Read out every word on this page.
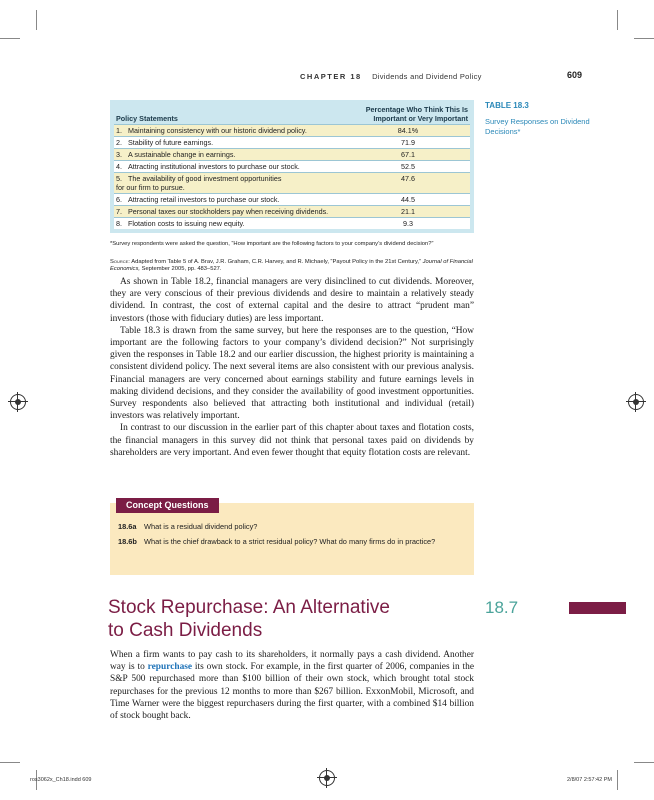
CHAPTER 18 Dividends and Dividend Policy	609
Policy Statements	Percentage Who Think This Is
Important or Very Important

1. Maintaining consistency with our historic dividend policy.	84.1%
2. Stability of future earnings.	71.9
3. A sustainable change in earnings.	67.1
4. Attracting institutional investors to purchase our stock.	52.5
5. The availability of good investment opportunities for our firm to pursue.	47.6
6. Attracting retail investors to purchase our stock.	44.5
7. Personal taxes our stockholders pay when receiving dividends.	21.1
8. Flotation costs to issuing new equity.	9.3
TABLE 18.3
Survey Responses on Dividend Decisions*
*Survey respondents were asked the question, “How important are the following factors to your company’s dividend decision?”
Source: Adapted from Table 5 of A. Brav, J.R. Graham, C.R. Harvey, and R. Michaely, “Payout Policy in the 21st Century,” Journal of Financial Economics, September 2005, pp. 483–527.

As shown in Table 18.2, financial managers are very disinclined to cut dividends. Moreover, they are very conscious of their previous dividends and desire to maintain a relatively steady dividend. In contrast, the cost of external capital and the desire to attract “prudent man” investors (those with fiduciary duties) are less important.

Table 18.3 is drawn from the same survey, but here the responses are to the question, “How important are the following factors to your company’s dividend decision?” Not surprisingly given the responses in Table 18.2 and our earlier discussion, the highest priority is maintaining a consistent dividend policy. The next several items are also consistent with our previous analysis. Financial managers are very concerned about earnings stability and future earnings levels in making dividend decisions, and they consider the availability of good investment opportunities. Survey respondents also believed that attracting both institutional and individual (retail) investors was relatively important.

In contrast to our discussion in the earlier part of this chapter about taxes and flotation costs, the financial managers in this survey did not think that personal taxes paid on dividends by shareholders are very important. And even fewer thought that equity flotation costs are relevant.

Concept Questions
18.6a What is a residual dividend policy?
18.6b What is the chief drawback to a strict residual policy? What do many firms do in practice?
Stock Repurchase: An Alternative
to Cash Dividends
18.7

When a firm wants to pay cash to its shareholders, it normally pays a cash dividend. Another way is to repurchase its own stock. For example, in the first quarter of 2006, companies in the S&P 500 repurchased more than $100 billion of their own stock, which brought total stock repurchases for the previous 12 months to more than $267 billion. ExxonMobil, Microsoft, and Time Warner were the biggest repurchasers during the first quarter, with a combined $14 billion of stock bought back.

ros3062x_Ch18.indd 609	2/8/07 2:57:42 PM
